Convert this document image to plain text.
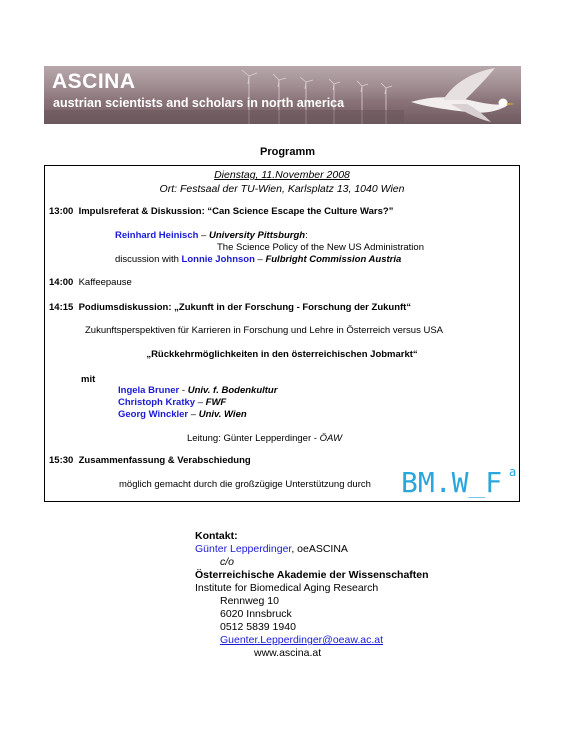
ASCINA
austrian scientists and scholars in north america
Programm
Dienstag, 11.November 2008
Ort: Festsaal der TU-Wien, Karlsplatz 13, 1040 Wien
13:00 Impulsreferat & Diskussion: “Can Science Escape the Culture Wars?”
Reinhard Heinisch – University Pittsburgh:
The Science Policy of the New US Administration
discussion with Lonnie Johnson – Fulbright Commission Austria
14:00 Kaffeepause
14:15 Podiumsdiskussion: „Zukunft in der Forschung - Forschung der Zukunft“
Zukunftsperspektiven für Karrieren in Forschung und Lehre in Österreich versus USA
„Rückkehrmöglichkeiten in den österreichischen Jobmarkt“
mit
Ingela Bruner - Univ. f. Bodenkultur
Christoph Kratky – FWF
Georg Winckler – Univ. Wien
Leitung: Günter Lepperdinger - ÖAW
15:30 Zusammenfassung & Verabschiedung
möglich gemacht durch die großzügige Unterstützung durch BM.W_F a
Kontakt:
Günter Lepperdinger, oeASCINA
c/o
Österreichische Akademie der Wissenschaften
Institute for Biomedical Aging Research
Rennweg 10
6020 Innsbruck
0512 5839 1940
Guenter.Lepperdinger@oeaw.ac.at
www.ascina.at
